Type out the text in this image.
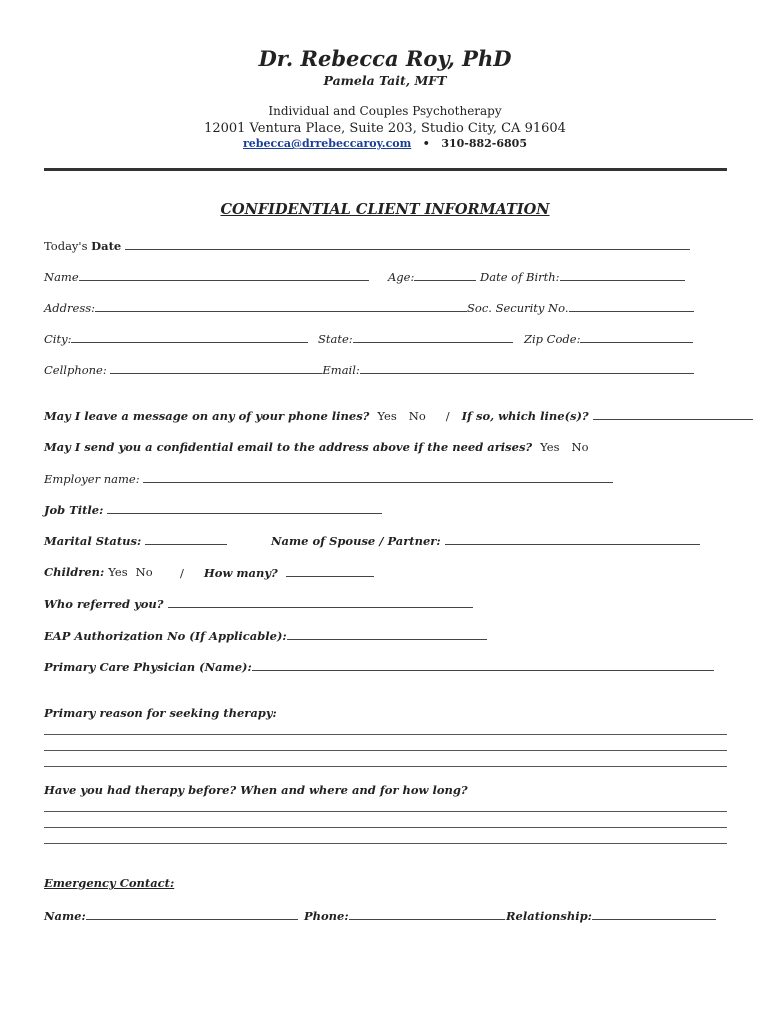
Dr. Rebecca Roy, PhD
Pamela Tait, MFT
Individual and Couples Psychotherapy
12001 Ventura Place, Suite 203, Studio City, CA 91604
rebecca@drrebeccaroy.com • 310-882-6805
CONFIDENTIAL CLIENT INFORMATION
Today's Date
Name	Age:	Date of Birth:
Address:	Soc. Security No.
City:	State:	Zip Code:
Cellphone:	Email:
May I leave a message on any of your phone lines? Yes No / If so, which line(s)?
May I send you a confidential email to the address above if the need arises? Yes No
Employer name:
Job Title:
Marital Status:	Name of Spouse / Partner:
Children: Yes No / How many?
Who referred you?
EAP Authorization No (If Applicable):
Primary Care Physician (Name):
Primary reason for seeking therapy:
Have you had therapy before? When and where and for how long?
Emergency Contact:
Name:	Phone:	Relationship:
